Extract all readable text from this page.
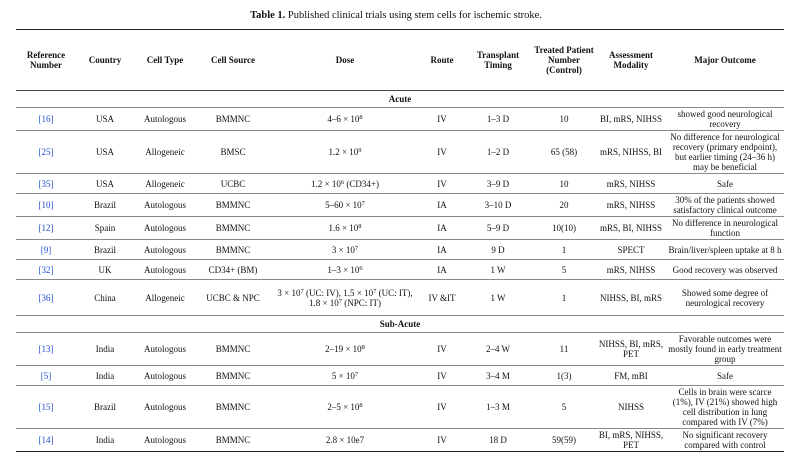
Table 1. Published clinical trials using stem cells for ischemic stroke.
Reference Number	Country	Cell Type	Cell Source	Dose	Route	Transplant Timing	Treated Patient Number (Control)	Assessment Modality	Major Outcome
Acute									
[16]	USA	Autologous	BMMNC	$4-6 \times 10^8$	IV	1–3 D	10	BI, mRS, NIHSS	showed good neurological recovery
[25]	USA	Allogeneic	BMSC	$1.2 \times 10^9$	IV	1–2 D	65 (58)	mRS, NIHSS, BI	No difference for neurological recovery (primary endpoint), but earlier timing (24–36 h) may be beneficial
[35]	USA	Allogeneic	UCBC	$1.2 \times 10^6$ (CD34+)	IV	3–9 D	10	mRS, NIHSS	Safe
[10]	Brazil	Autologous	BMMNC	$5-60 \times 10^7$	IA	3–10 D	20	mRS, NIHSS	30% of the patients showed satisfactory clinical outcome
[12]	Spain	Autologous	BMMNC	$1.6 \times 10^8$	IA	5–9 D	10(10)	mRS, BI, NIHSS	No difference in neurological function
[9]	Brazil	Autologous	BMMNC	$3 \times 10^7$	IA	9 D	1	SPECT	Brain/liver/spleen uptake at 8 h
[32]	UK	Autologous	CD34+ (BM)	$1-3 \times 10^6$	IA	1 W	5	mRS, NIHSS	Good recovery was observed
[36]	China	Allogeneic	UCBC & NPC	$3 \times 10^7$ (UC: IV), $1.5 \times 10^7$ (UC: IT), $1.8 \times 10^7$ (NPC: IT)	IV &IT	1 W	1	NIHSS, BI, mRS	Showed some degree of neurological recovery
Sub-Acute									
[13]	India	Autologous	BMMNC	$2-19 \times 10^8$	IV	2–4 W	11	NIHSS, BI, mRS, PET	Favorable outcomes were mostly found in early treatment group
[5]	India	Autologous	BMMNC	$5 \times 10^7$	IV	3–4 M	1(3)	FM, mBI	Safe
[15]	Brazil	Autologous	BMMNC	$2-5 \times 10^8$	IV	1–3 M	5	NIHSS	Cells in brain were scarce (1%), IV (21%) showed high cell distribution in lung compared with IV (7%)
[14]	India	Autologous	BMMNC	2.8 × 10e7	IV	18 D	59(59)	BI, mRS, NIHSS, PET	No significant recovery compared with control
